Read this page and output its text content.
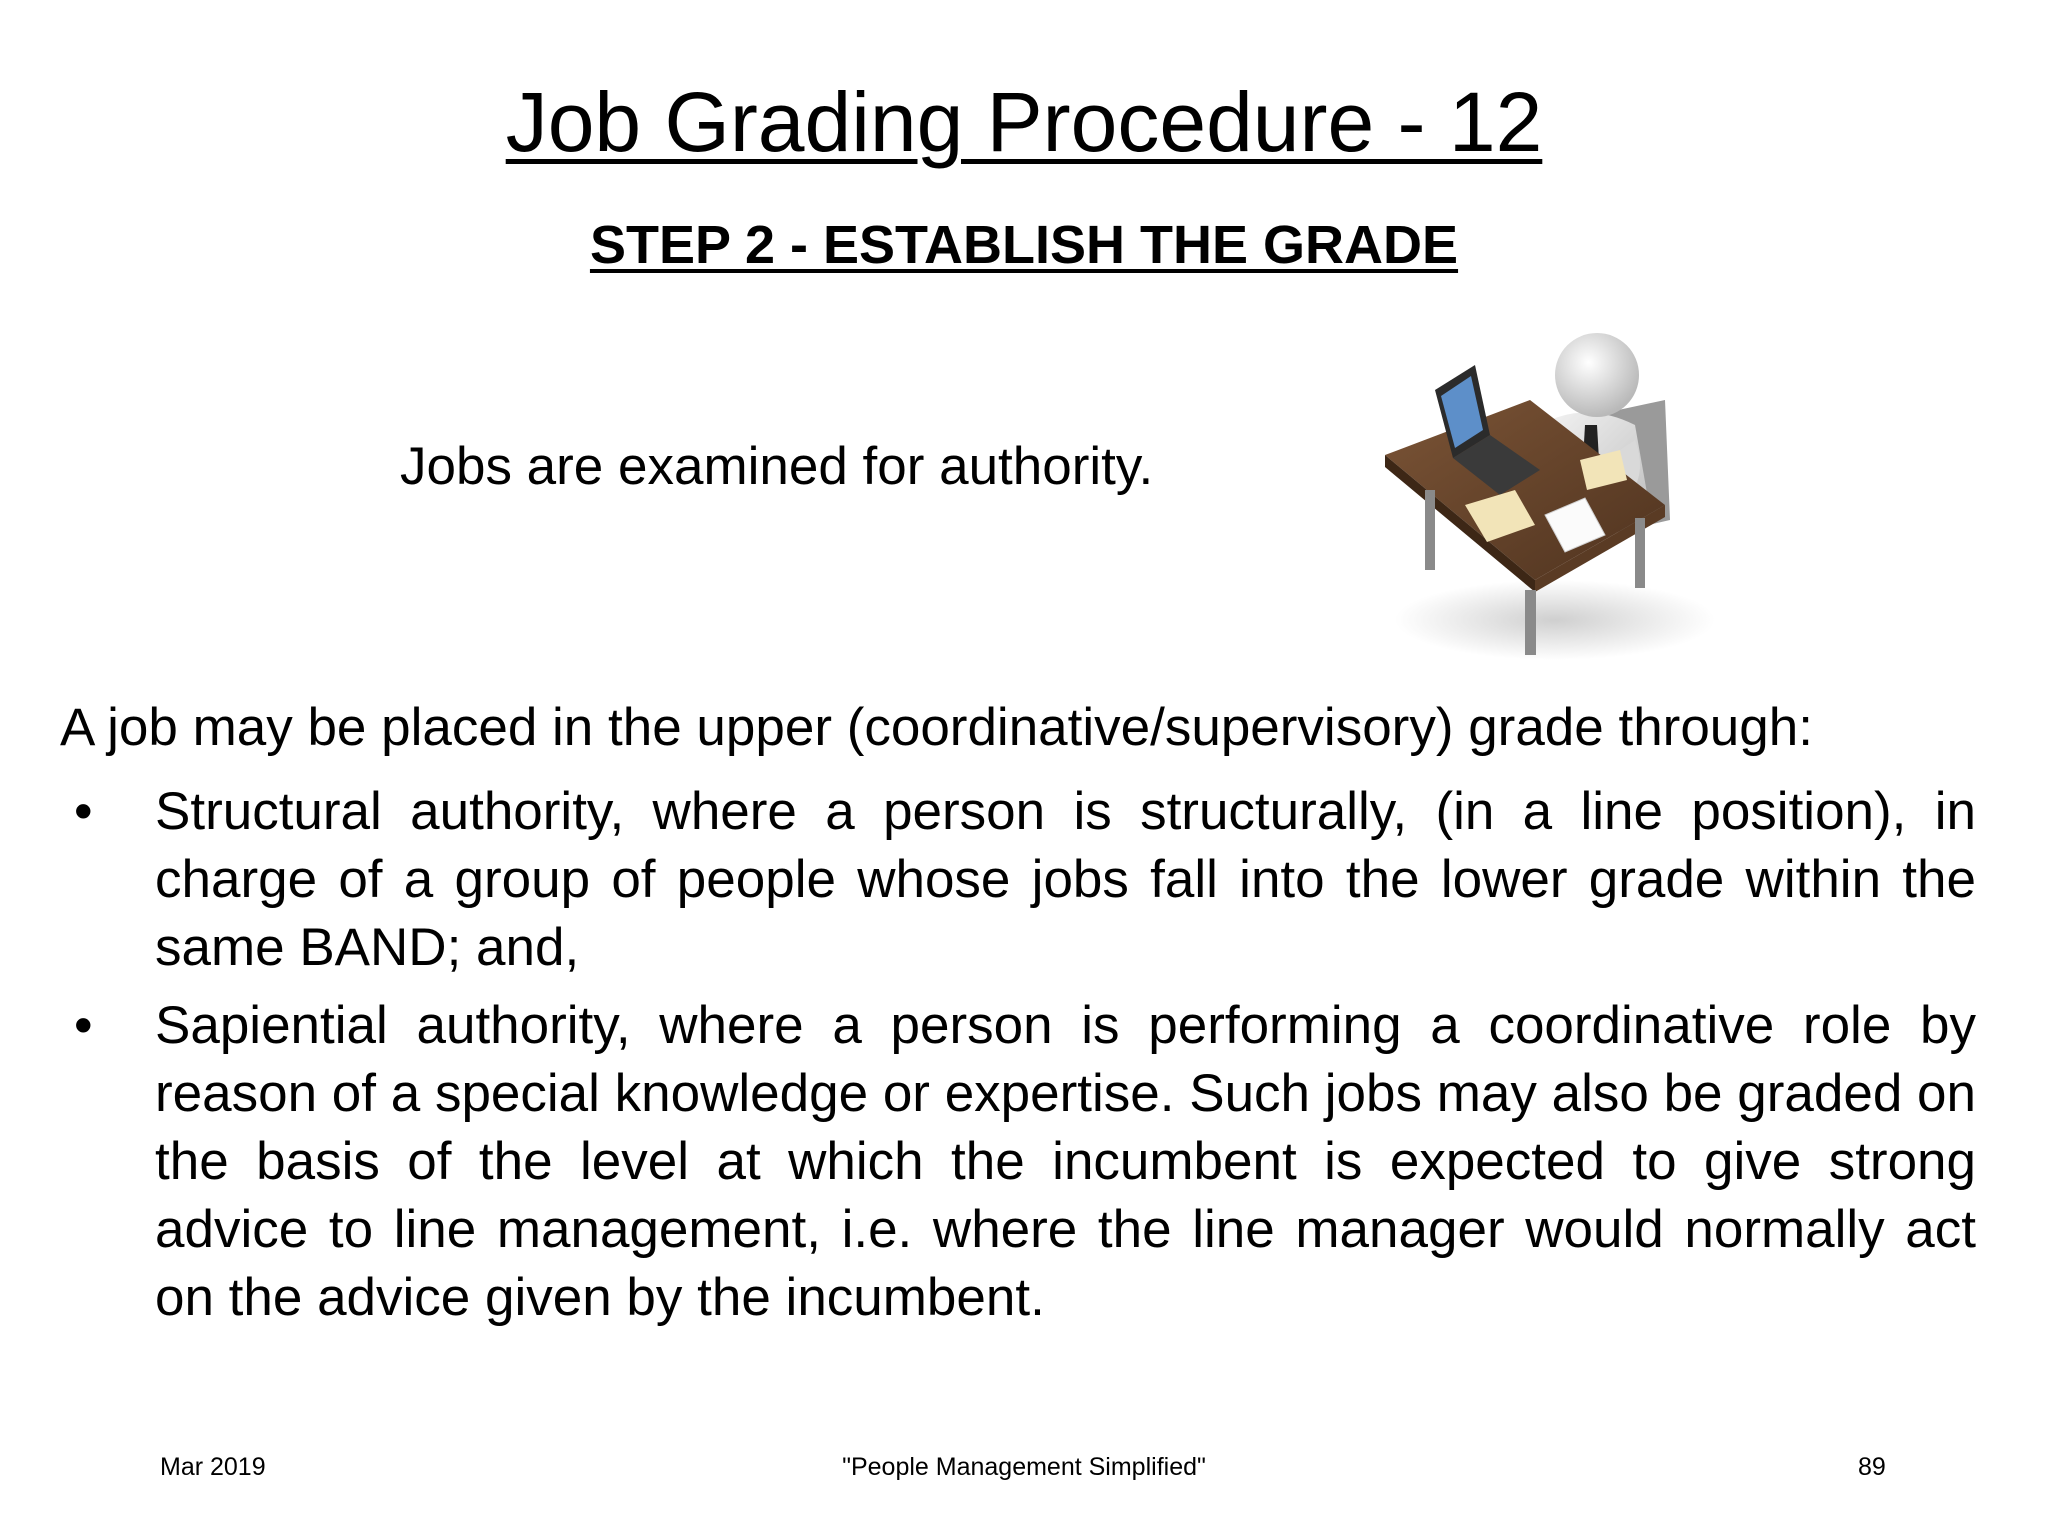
Job Grading Procedure - 12
STEP 2 - ESTABLISH THE GRADE

Jobs are examined for authority.

A job may be placed in the upper (coordinative/supervisory) grade through:

• Structural authority, where a person is structurally, (in a line position), in charge of a group of people whose jobs fall into the lower grade within the same BAND; and,
• Sapiential authority, where a person is performing a coordinative role by reason of a special knowledge or expertise. Such jobs may also be graded on the basis of the level at which the incumbent is expected to give strong advice to line management, i.e. where the line manager would normally act on the advice given by the incumbent.

Mar 2019	"People Management Simplified"	89
